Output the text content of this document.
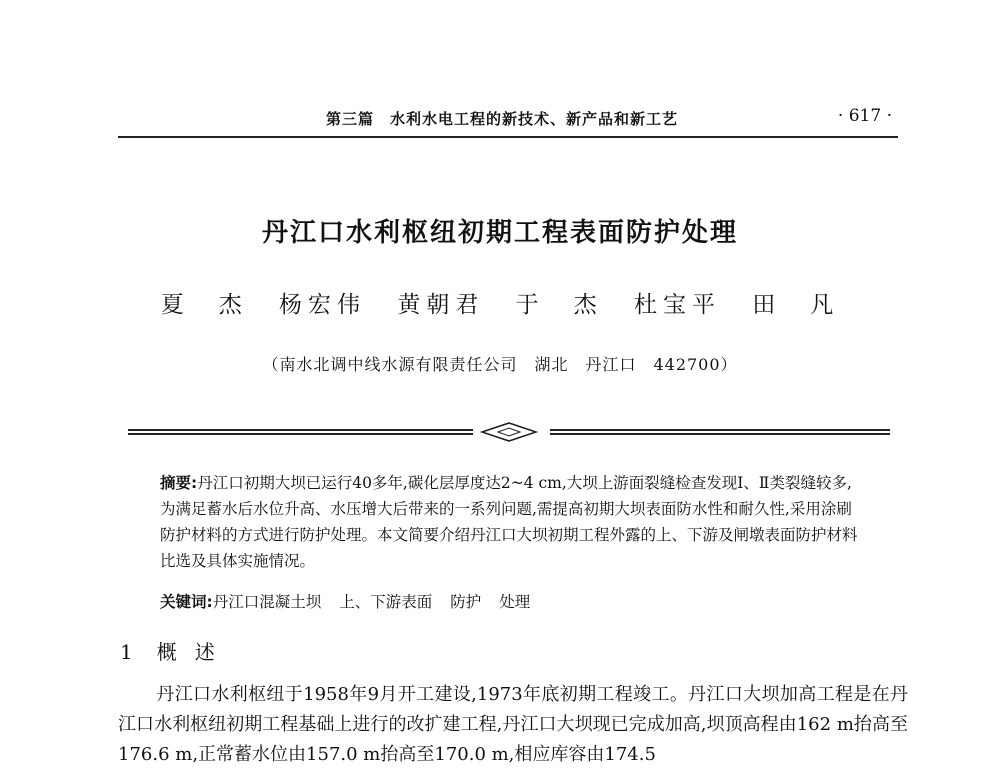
第三篇　水利水电工程的新技术、新产品和新工艺	· 617 ·
丹江口水利枢纽初期工程表面防护处理
夏　杰 杨宏伟 黄朝君 于　杰 杜宝平 田　凡
（南水北调中线水源有限责任公司　湖北　丹江口　442700）
摘要:丹江口初期大坝已运行40多年,碳化层厚度达2~4 cm,大坝上游面裂缝检查发现Ⅰ、Ⅱ类裂缝较多,为满足蓄水后水位升高、水压增大后带来的一系列问题,需提高初期大坝表面防水性和耐久性,采用涂刷防护材料的方式进行防护处理。本文简要介绍丹江口大坝初期工程外露的上、下游及闸墩表面防护材料比选及具体实施情况。
关键词:丹江口混凝土坝 上、下游表面 防护 处理
1 概述
丹江口水利枢纽于1958年9月开工建设,1973年底初期工程竣工。丹江口大坝加高工程是在丹江口水利枢纽初期工程基础上进行的改扩建工程,丹江口大坝现已完成加高,坝顶高程由162 m抬高至176.6 m,正常蓄水位由157.0 m抬高至170.0 m,相应库容由174.5
